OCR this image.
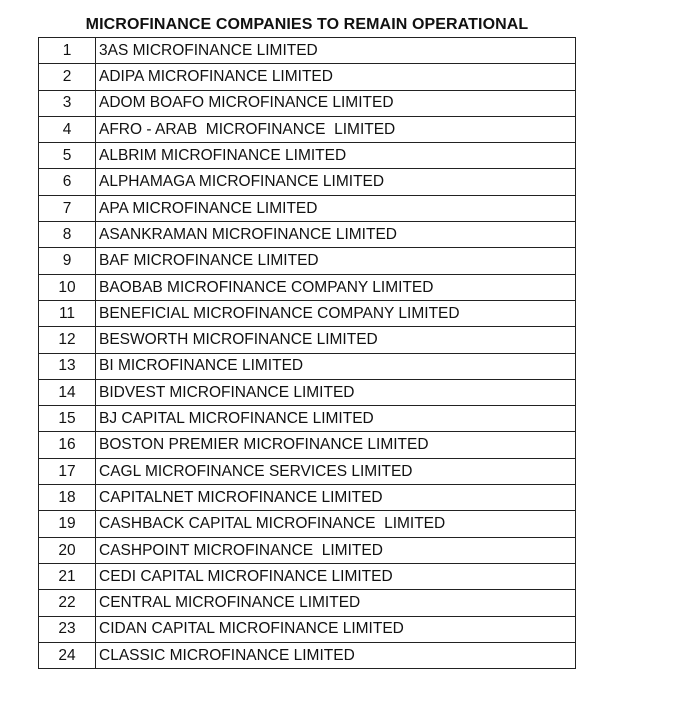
MICROFINANCE COMPANIES TO REMAIN OPERATIONAL
1	3AS MICROFINANCE LIMITED
2	ADIPA MICROFINANCE LIMITED
3	ADOM BOAFO MICROFINANCE LIMITED
4	AFRO - ARAB  MICROFINANCE  LIMITED
5	ALBRIM MICROFINANCE LIMITED
6	ALPHAMAGA MICROFINANCE LIMITED
7	APA MICROFINANCE LIMITED
8	ASANKRAMAN MICROFINANCE LIMITED
9	BAF MICROFINANCE LIMITED
10	BAOBAB MICROFINANCE COMPANY LIMITED
11	BENEFICIAL MICROFINANCE COMPANY LIMITED
12	BESWORTH MICROFINANCE LIMITED
13	BI MICROFINANCE LIMITED
14	BIDVEST MICROFINANCE LIMITED
15	BJ CAPITAL MICROFINANCE LIMITED
16	BOSTON PREMIER MICROFINANCE LIMITED
17	CAGL MICROFINANCE SERVICES LIMITED
18	CAPITALNET MICROFINANCE LIMITED
19	CASHBACK CAPITAL MICROFINANCE  LIMITED
20	CASHPOINT MICROFINANCE  LIMITED
21	CEDI CAPITAL MICROFINANCE LIMITED
22	CENTRAL MICROFINANCE LIMITED
23	CIDAN CAPITAL MICROFINANCE LIMITED
24	CLASSIC MICROFINANCE LIMITED
